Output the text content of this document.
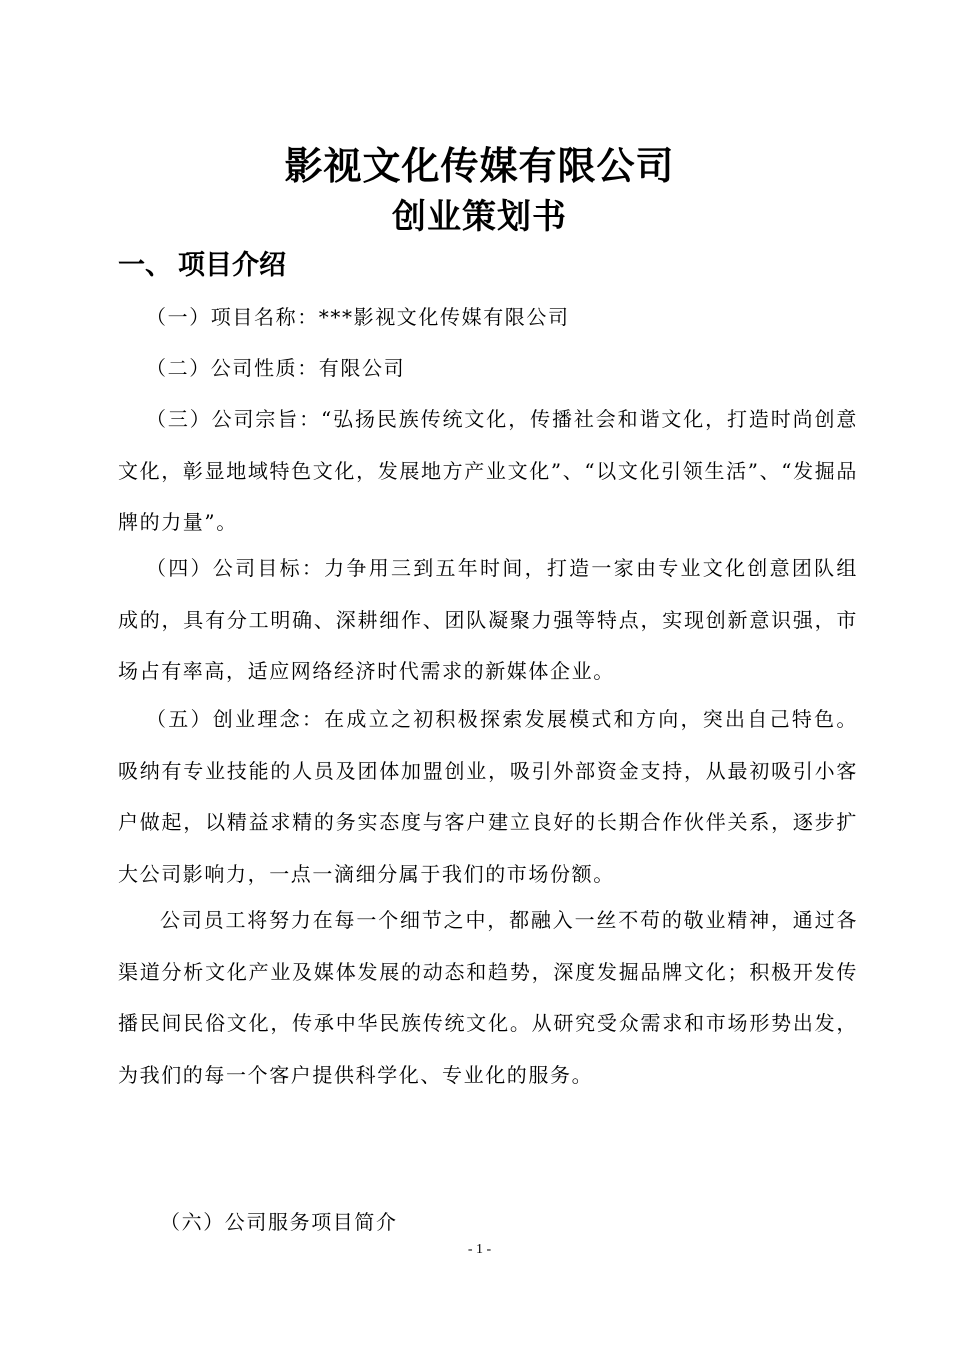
影视文化传媒有限公司
创业策划书
一、 项目介绍
（一）项目名称：***影视文化传媒有限公司
（二）公司性质：有限公司
（三）公司宗旨：“弘扬民族传统文化，传播社会和谐文化，打造时尚创意文化，彰显地域特色文化，发展地方产业文化”、“以文化引领生活”、“发掘品牌的力量”。
（四）公司目标：力争用三到五年时间，打造一家由专业文化创意团队组成的，具有分工明确、深耕细作、团队凝聚力强等特点，实现创新意识强，市场占有率高，适应网络经济时代需求的新媒体企业。
（五）创业理念：在成立之初积极探索发展模式和方向，突出自己特色。吸纳有专业技能的人员及团体加盟创业，吸引外部资金支持，从最初吸引小客户做起，以精益求精的务实态度与客户建立良好的长期合作伙伴关系，逐步扩大公司影响力，一点一滴细分属于我们的市场份额。
公司员工将努力在每一个细节之中，都融入一丝不苟的敬业精神，通过各渠道分析文化产业及媒体发展的动态和趋势，深度发掘品牌文化；积极开发传播民间民俗文化，传承中华民族传统文化。从研究受众需求和市场形势出发，为我们的每一个客户提供科学化、专业化的服务。
（六）公司服务项目简介
- 1 -
